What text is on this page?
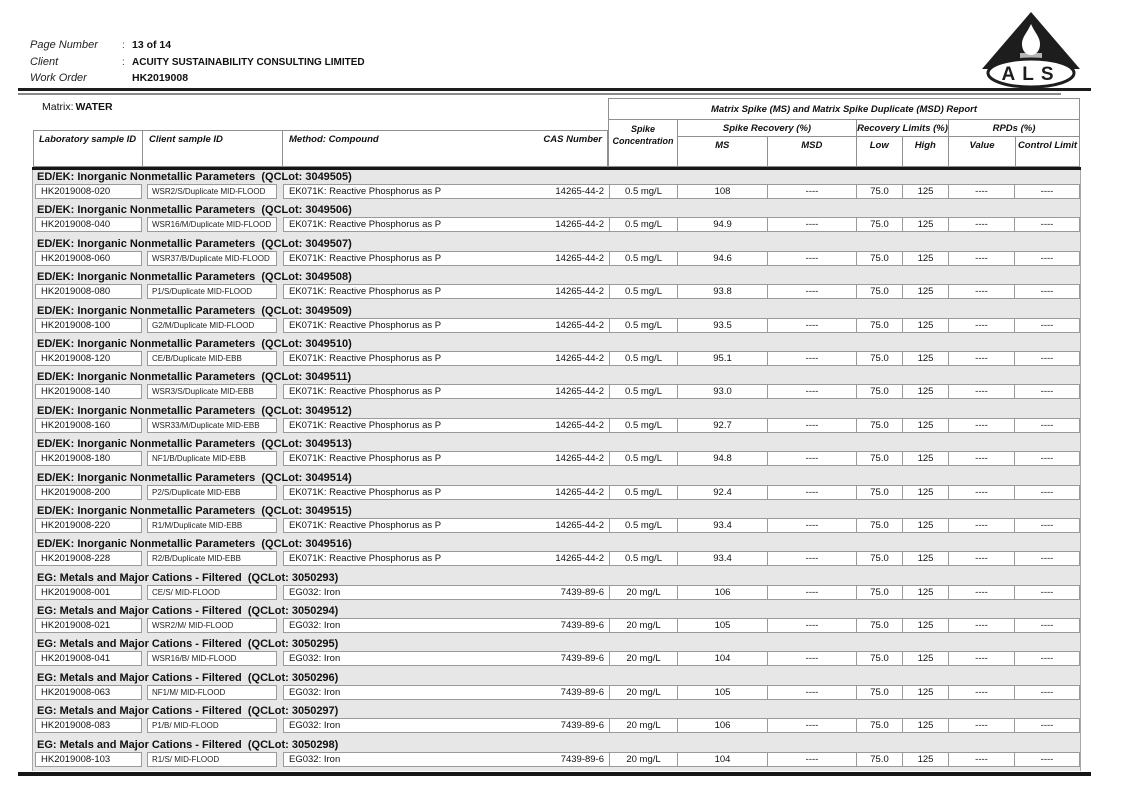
Page Number	: 13 of 14
Client	: ACUITY SUSTAINABILITY CONSULTING LIMITED
Work Order	HK2019008	ALS
Matrix: WATER
Laboratory sample ID	Client sample ID	Method: Compound	CAS Number
Matrix Spike (MS) and Matrix Spike Duplicate (MSD) Report
Spike Concentration
Spike Recovery (%)
MS	MSD
Recovery Limits (%)
Low	High
RPDs (%)
Value	Control Limit
ED/EK: Inorganic Nonmetallic Parameters  (QCLot: 3049505)
HK2019008-020	WSR2/S/Duplicate MID-FLOOD	EK071K: Reactive Phosphorus as P	14265-44-2	0.5 mg/L	108	----	75.0	125	----	----
ED/EK: Inorganic Nonmetallic Parameters  (QCLot: 3049506)
HK2019008-040	WSR16/M/Duplicate MID-FLOOD	EK071K: Reactive Phosphorus as P	14265-44-2	0.5 mg/L	94.9	----	75.0	125	----	----
ED/EK: Inorganic Nonmetallic Parameters  (QCLot: 3049507)
HK2019008-060	WSR37/B/Duplicate MID-FLOOD	EK071K: Reactive Phosphorus as P	14265-44-2	0.5 mg/L	94.6	----	75.0	125	----	----
ED/EK: Inorganic Nonmetallic Parameters  (QCLot: 3049508)
HK2019008-080	P1/S/Duplicate MID-FLOOD	EK071K: Reactive Phosphorus as P	14265-44-2	0.5 mg/L	93.8	----	75.0	125	----	----
ED/EK: Inorganic Nonmetallic Parameters  (QCLot: 3049509)
HK2019008-100	G2/M/Duplicate MID-FLOOD	EK071K: Reactive Phosphorus as P	14265-44-2	0.5 mg/L	93.5	----	75.0	125	----	----
ED/EK: Inorganic Nonmetallic Parameters  (QCLot: 3049510)
HK2019008-120	CE/B/Duplicate MID-EBB	EK071K: Reactive Phosphorus as P	14265-44-2	0.5 mg/L	95.1	----	75.0	125	----	----
ED/EK: Inorganic Nonmetallic Parameters  (QCLot: 3049511)
HK2019008-140	WSR3/S/Duplicate MID-EBB	EK071K: Reactive Phosphorus as P	14265-44-2	0.5 mg/L	93.0	----	75.0	125	----	----
ED/EK: Inorganic Nonmetallic Parameters  (QCLot: 3049512)
HK2019008-160	WSR33/M/Duplicate MID-EBB	EK071K: Reactive Phosphorus as P	14265-44-2	0.5 mg/L	92.7	----	75.0	125	----	----
ED/EK: Inorganic Nonmetallic Parameters  (QCLot: 3049513)
HK2019008-180	NF1/B/Duplicate MID-EBB	EK071K: Reactive Phosphorus as P	14265-44-2	0.5 mg/L	94.8	----	75.0	125	----	----
ED/EK: Inorganic Nonmetallic Parameters  (QCLot: 3049514)
HK2019008-200	P2/S/Duplicate MID-EBB	EK071K: Reactive Phosphorus as P	14265-44-2	0.5 mg/L	92.4	----	75.0	125	----	----
ED/EK: Inorganic Nonmetallic Parameters  (QCLot: 3049515)
HK2019008-220	R1/M/Duplicate MID-EBB	EK071K: Reactive Phosphorus as P	14265-44-2	0.5 mg/L	93.4	----	75.0	125	----	----
ED/EK: Inorganic Nonmetallic Parameters  (QCLot: 3049516)
HK2019008-228	R2/B/Duplicate MID-EBB	EK071K: Reactive Phosphorus as P	14265-44-2	0.5 mg/L	93.4	----	75.0	125	----	----
EG: Metals and Major Cations - Filtered  (QCLot: 3050293)
HK2019008-001	CE/S/ MID-FLOOD	EG032: Iron	7439-89-6	20 mg/L	106	----	75.0	125	----	----
EG: Metals and Major Cations - Filtered  (QCLot: 3050294)
HK2019008-021	WSR2/M/ MID-FLOOD	EG032: Iron	7439-89-6	20 mg/L	105	----	75.0	125	----	----
EG: Metals and Major Cations - Filtered  (QCLot: 3050295)
HK2019008-041	WSR16/B/ MID-FLOOD	EG032: Iron	7439-89-6	20 mg/L	104	----	75.0	125	----	----
EG: Metals and Major Cations - Filtered  (QCLot: 3050296)
HK2019008-063	NF1/M/ MID-FLOOD	EG032: Iron	7439-89-6	20 mg/L	105	----	75.0	125	----	----
EG: Metals and Major Cations - Filtered  (QCLot: 3050297)
HK2019008-083	P1/B/ MID-FLOOD	EG032: Iron	7439-89-6	20 mg/L	106	----	75.0	125	----	----
EG: Metals and Major Cations - Filtered  (QCLot: 3050298)
HK2019008-103	R1/S/ MID-FLOOD	EG032: Iron	7439-89-6	20 mg/L	104	----	75.0	125	----	----
